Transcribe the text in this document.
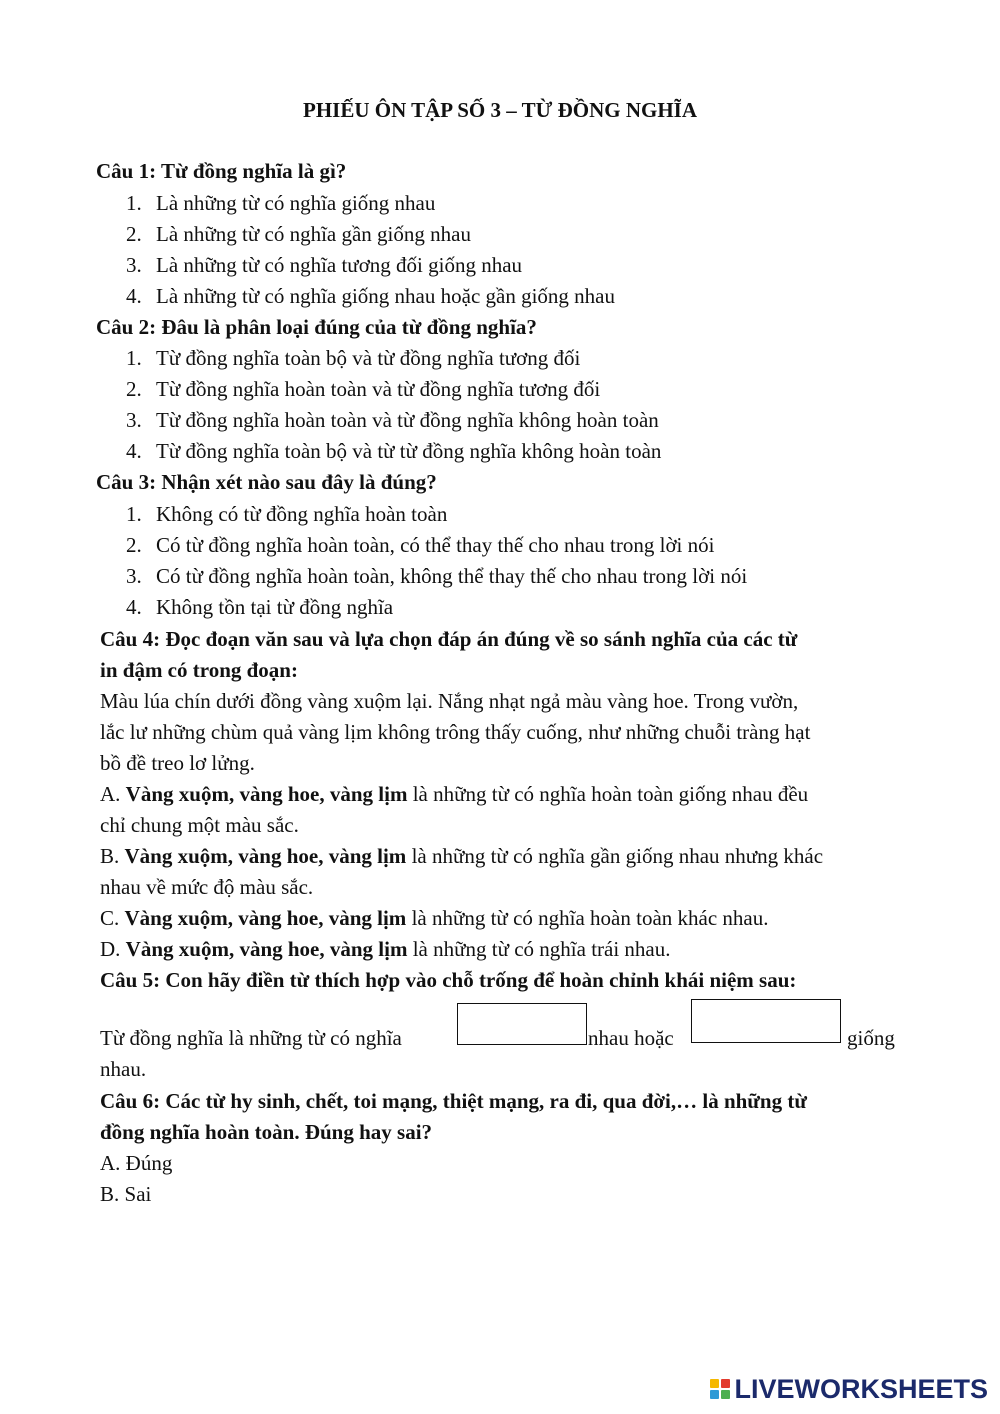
PHIẾU ÔN TẬP SỐ 3 – TỪ ĐỒNG NGHĨA
Câu 1: Từ đồng nghĩa là gì?
1. Là những từ có nghĩa giống nhau
2. Là những từ có nghĩa gần giống nhau
3. Là những từ có nghĩa tương đối giống nhau
4. Là những từ có nghĩa giống nhau hoặc gần giống nhau
Câu 2: Đâu là phân loại đúng của từ đồng nghĩa?
1. Từ đồng nghĩa toàn bộ và từ đồng nghĩa tương đối
2. Từ đồng nghĩa hoàn toàn và từ đồng nghĩa tương đối
3. Từ đồng nghĩa hoàn toàn và từ đồng nghĩa không hoàn toàn
4. Từ đồng nghĩa toàn bộ và từ từ đồng nghĩa không hoàn toàn
Câu 3: Nhận xét nào sau đây là đúng?
1. Không có từ đồng nghĩa hoàn toàn
2. Có từ đồng nghĩa hoàn toàn, có thể thay thế cho nhau trong lời nói
3. Có từ đồng nghĩa hoàn toàn, không thể thay thế cho nhau trong lời nói
4. Không tồn tại từ đồng nghĩa
Câu 4: Đọc đoạn văn sau và lựa chọn đáp án đúng về so sánh nghĩa của các từ
in đậm có trong đoạn:
Màu lúa chín dưới đồng vàng xuộm lại. Nắng nhạt ngả màu vàng hoe. Trong vườn,
lắc lư những chùm quả vàng lịm không trông thấy cuống, như những chuỗi tràng hạt
bồ đề treo lơ lửng.
A. Vàng xuộm, vàng hoe, vàng lịm là những từ có nghĩa hoàn toàn giống nhau đều
chỉ chung một màu sắc.
B. Vàng xuộm, vàng hoe, vàng lịm là những từ có nghĩa gần giống nhau nhưng khác
nhau về mức độ màu sắc.
C. Vàng xuộm, vàng hoe, vàng lịm là những từ có nghĩa hoàn toàn khác nhau.
D. Vàng xuộm, vàng hoe, vàng lịm là những từ có nghĩa trái nhau.
Câu 5: Con hãy điền từ thích hợp vào chỗ trống để hoàn chỉnh khái niệm sau:
Từ đồng nghĩa là những từ có nghĩa	nhau hoặc	giống
nhau.
Câu 6: Các từ hy sinh, chết, toi mạng, thiệt mạng, ra đi, qua đời,… là những từ
đồng nghĩa hoàn toàn. Đúng hay sai?
A. Đúng
B. Sai
LIVEWORKSHEETS
